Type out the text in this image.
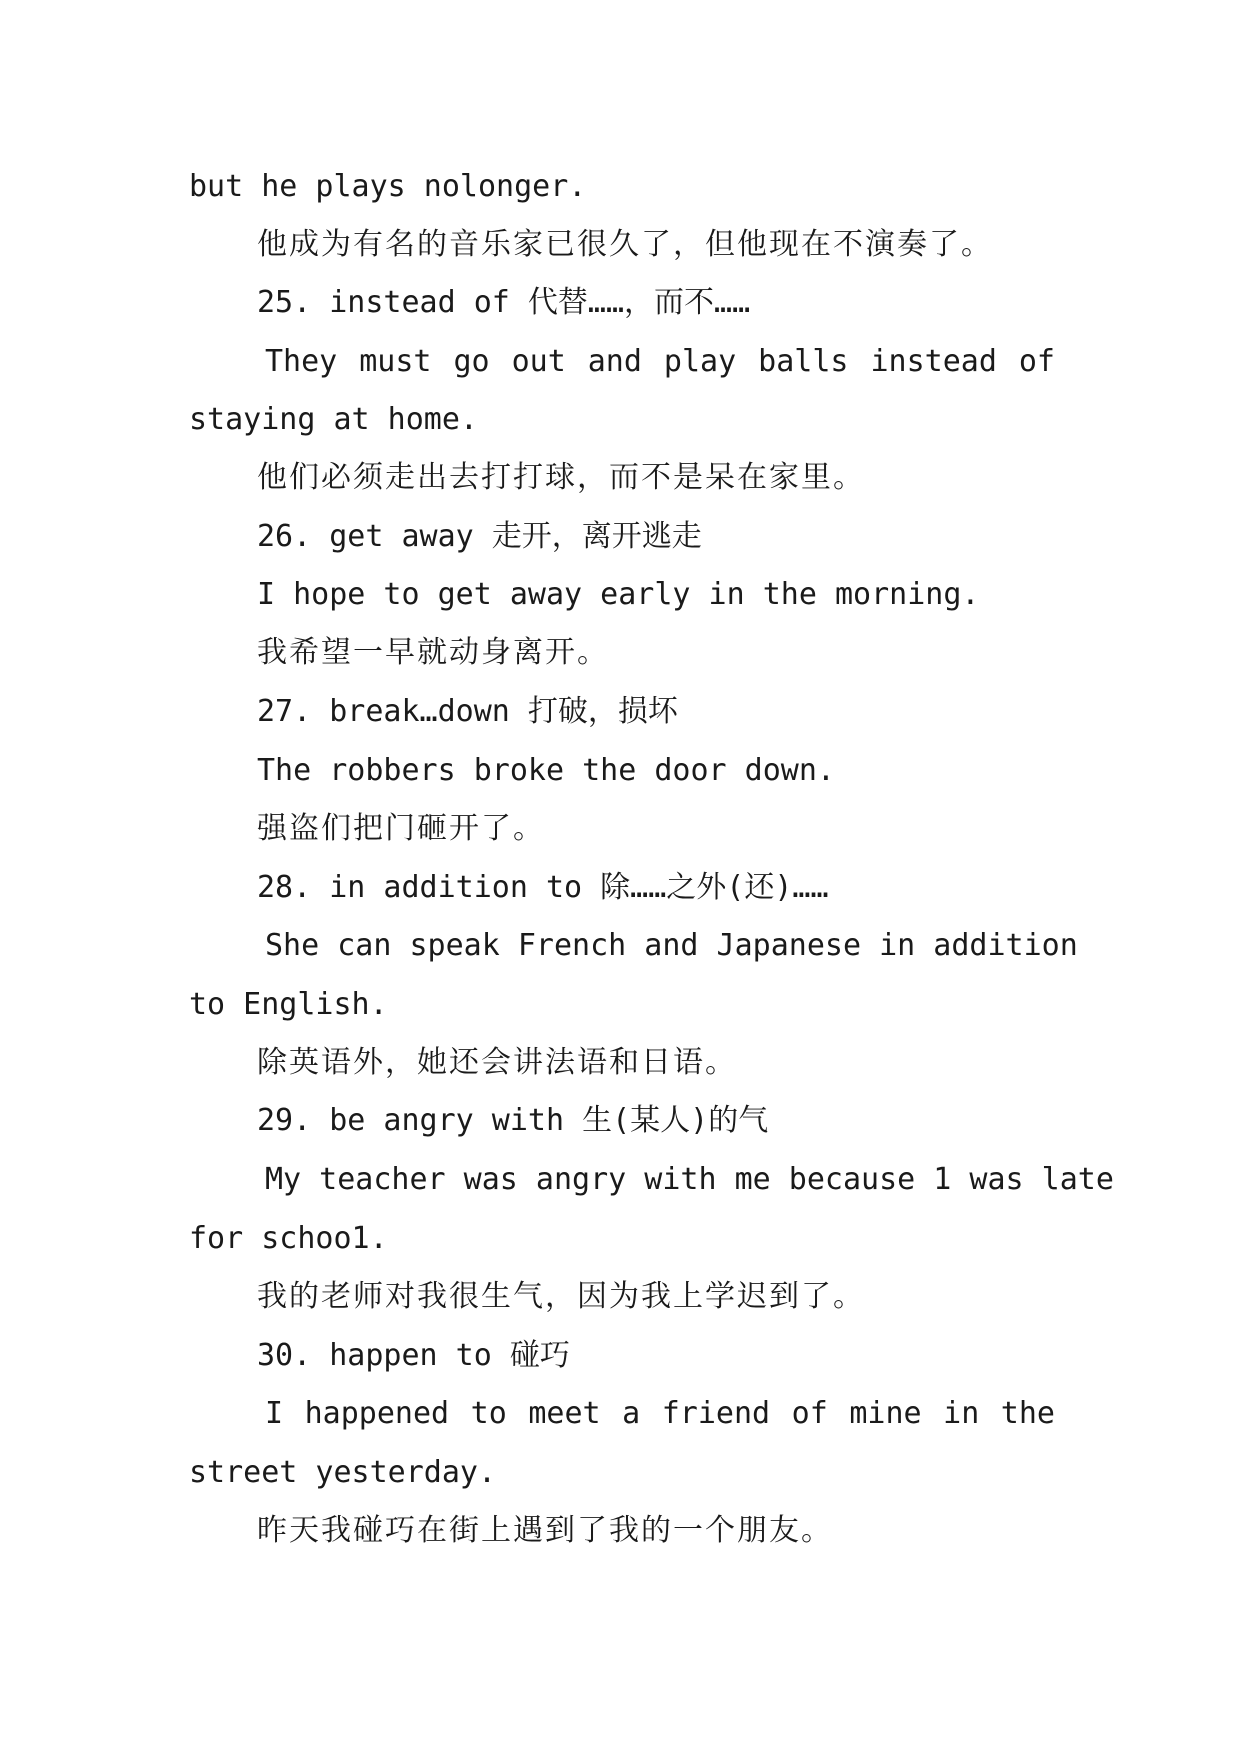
but he plays nolonger.
他成为有名的音乐家已很久了，但他现在不演奏了。
25. instead of 代替……，而不……
They must go out and play balls instead of
staying at home.
他们必须走出去打打球，而不是呆在家里。
26. get away 走开，离开逃走
I hope to get away early in the morning.
我希望一早就动身离开。
27. break…down 打破，损坏
The robbers broke the door down.
强盗们把门砸开了。
28. in addition to 除……之外(还)……
She can speak French and Japanese in addition
to English.
除英语外，她还会讲法语和日语。
29. be angry with 生(某人)的气
My teacher was angry with me because 1 was late
for schoo1.
我的老师对我很生气，因为我上学迟到了。
30. happen to 碰巧
I happened to meet a friend of mine in the
street yesterday.
昨天我碰巧在街上遇到了我的一个朋友。
